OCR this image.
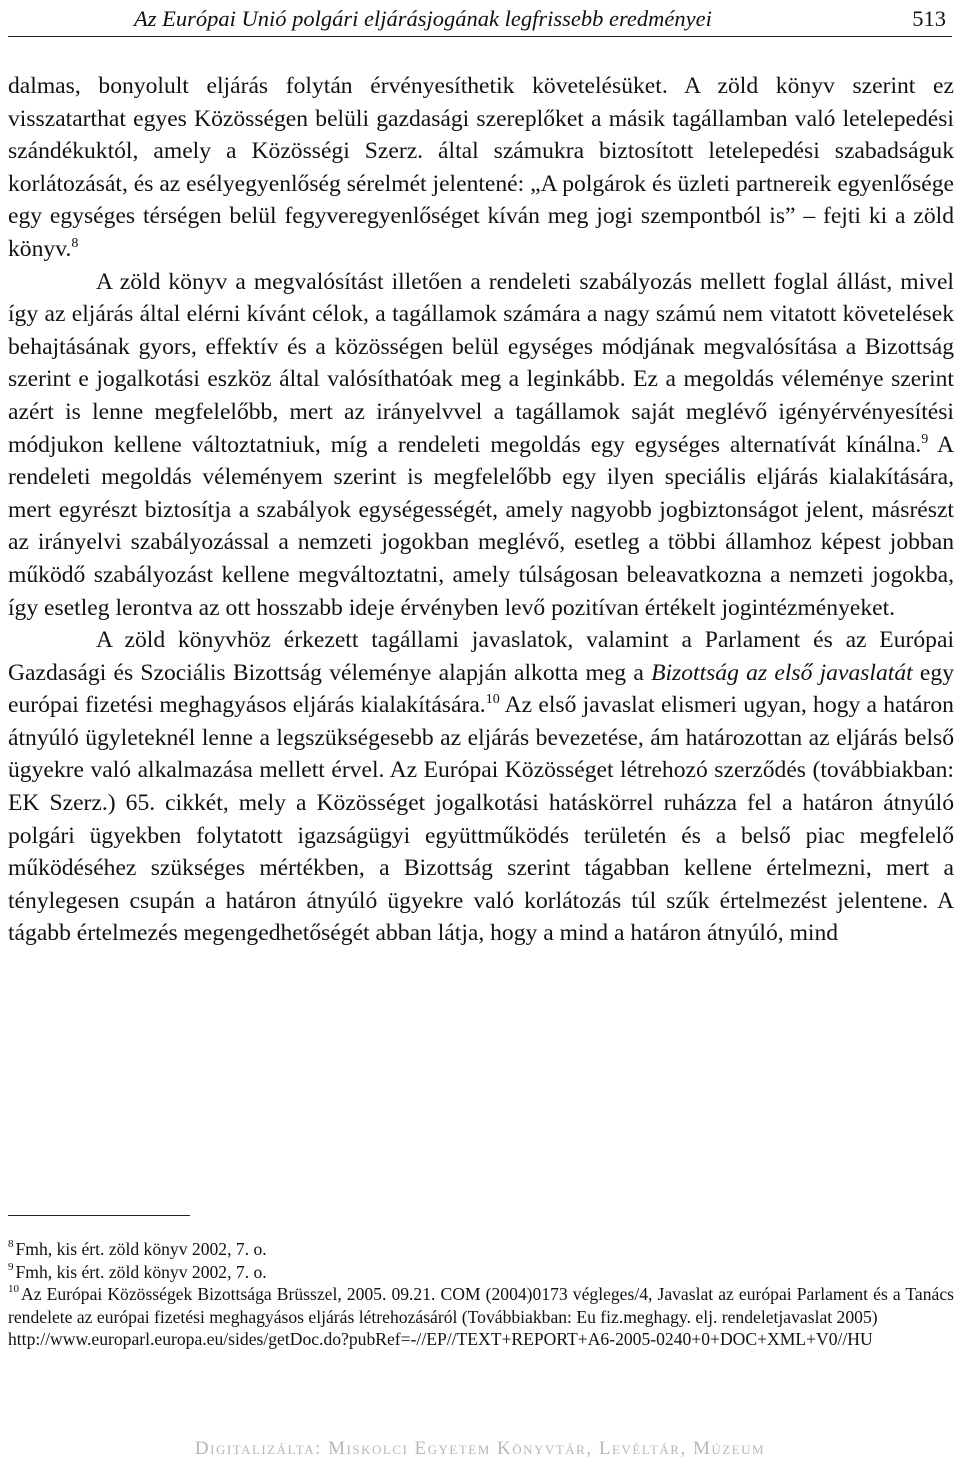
Az Európai Unió polgári eljárásjogának legfrissebb eredményei	513

dalmas, bonyolult eljárás folytán érvényesíthetik követelésüket. A zöld könyv szerint ez visszatarthat egyes Közösségen belüli gazdasági szereplőket a másik tagállamban való letelepedési szándékuktól, amely a Közösségi Szerz. által számukra biztosított letelepedési szabadságuk korlátozását, és az esélyegyenlőség sérelmét jelentené: „A polgárok és üzleti partnereik egyenlősége egy egységes térségen belül fegyveregyenlőséget kíván meg jogi szempontból is” – fejti ki a zöld könyv.$^8$

A zöld könyv a megvalósítást illetően a rendeleti szabályozás mellett foglal állást, mivel így az eljárás által elérni kívánt célok, a tagállamok számára a nagy számú nem vitatott követelések behajtásának gyors, effektív és a közösségen belül egységes módjának megvalósítása a Bizottság szerint e jogalkotási eszköz által valósíthatóak meg a leginkább. Ez a megoldás véleménye szerint azért is lenne megfelelőbb, mert az irányelvvel a tagállamok saját meglévő igényérvényesítési módjukon kellene változtatniuk, míg a rendeleti megoldás egy egységes alternatívát kínálna.$^9$ A rendeleti megoldás véleményem szerint is megfelelőbb egy ilyen speciális eljárás kialakítására, mert egyrészt biztosítja a szabályok egységességét, amely nagyobb jogbiztonságot jelent, másrészt az irányelvi szabályozással a nemzeti jogokban meglévő, esetleg a többi államhoz képest jobban működő szabályozást kellene megváltoztatni, amely túlságosan beleavatkozna a nemzeti jogokba, így esetleg lerontva az ott hosszabb ideje érvényben levő pozitívan értékelt jogintézményeket.

A zöld könyvhöz érkezett tagállami javaslatok, valamint a Parlament és az Európai Gazdasági és Szociális Bizottság véleménye alapján alkotta meg a Bizottság az első javaslatát egy európai fizetési meghagyásos eljárás kialakítására.$^{10}$ Az első javaslat elismeri ugyan, hogy a határon átnyúló ügyleteknél lenne a legszükségesebb az eljárás bevezetése, ám határozottan az eljárás belső ügyekre való alkalmazása mellett érvel. Az Európai Közösséget létrehozó szerződés (továbbiakban: EK Szerz.) 65. cikkét, mely a Közösséget jogalkotási hatáskörrel ruházza fel a határon átnyúló polgári ügyekben folytatott igazságügyi együttműködés területén és a belső piac megfelelő működéséhez szükséges mértékben, a Bizottság szerint tágabban kellene értelmezni, mert a ténylegesen csupán a határon átnyúló ügyekre való korlátozás túl szűk értelmezést jelentene. A tágabb értelmezés megengedhetőségét abban látja, hogy a mind a határon átnyúló, mind

$^8$ Fmh, kis ért. zöld könyv 2002, 7. o.

$^9$ Fmh, kis ért. zöld könyv 2002, 7. o.

$^{10}$ Az Európai Közösségek Bizottsága Brüsszel, 2005. 09.21. COM (2004)0173 végleges/4, Javaslat az európai Parlament és a Tanács rendelete az európai fizetési meghagyásos eljárás létrehozásáról (Továbbiakban: Eu fiz.meghagy. elj. rendeletjavaslat 2005)

http://www.europarl.europa.eu/sides/getDoc.do?pubRef=-//EP//TEXT+REPORT+A6-2005-0240+0+DOC+XML+V0//HU

Digitalizálta: Miskolci Egyetem Könyvtár, Levéltár, Múzeum
